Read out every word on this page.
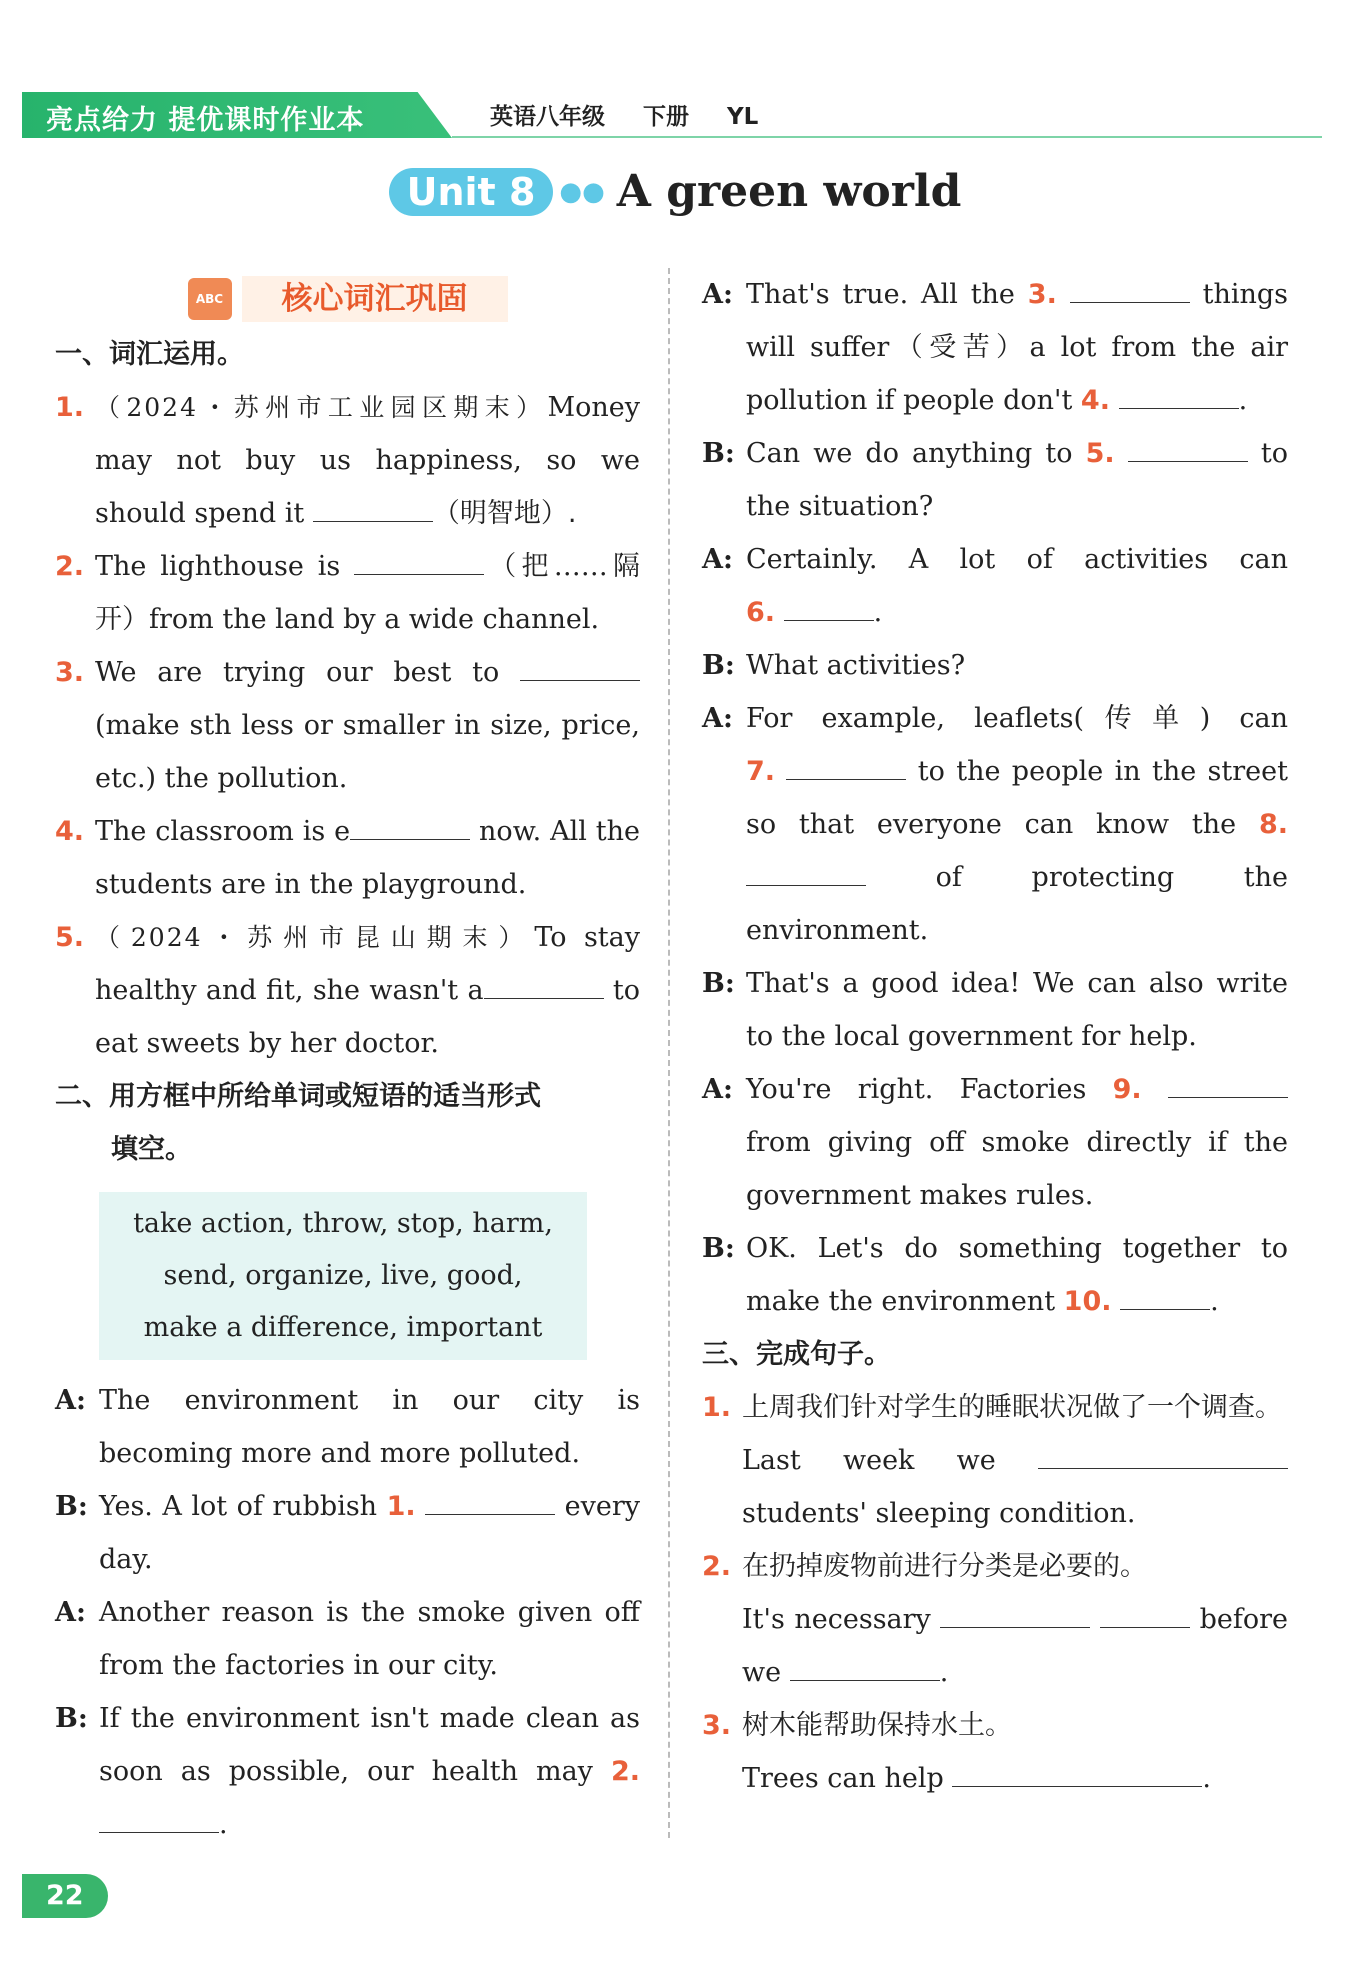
亮点给力 提优课时作业本	英语八年级 下册 YL
Unit 8 ●● A green world
ABC	核心词汇巩固
一、词汇运用。
1. （2024・苏州市工业园区期末）Money may not buy us happiness, so we should spend it	（明智地）.
2. The lighthouse is	（把……隔开）from the land by a wide channel.
3. We are trying our best to (make sth less or smaller in size, price, etc.) the pollution.
4. The classroom is e	now. All the students are in the playground.
5. （2024・苏州市昆山期末）To stay healthy and fit, she wasn't a	to eat sweets by her doctor.
二、用方框中所给单词或短语的适当形式
填空。
take action, throw, stop, harm,
send, organize, live, good,
make a difference, important
A: The environment in our city is becoming more and more polluted.
B: Yes. A lot of rubbish 1.	every day.
A: Another reason is the smoke given off from the factories in our city.
B: If the environment isn't made clean as soon as possible, our health may 2. .
A: That's true. All the 3.	things will suffer（受苦）a lot from the air pollution if people don't 4.	.
B: Can we do anything to 5.	to the situation?
A: Certainly. A lot of activities can
6.	.
B: What activities?
A: For example, leaflets(传单) can
7.	to the people in the street so that everyone can know the 8.  of protecting the environment.
B: That's a good idea! We can also write to the local government for help.
A: You're right. Factories 9.  from giving off smoke directly if the government makes rules.
B: OK. Let's do something together to make the environment 10.	.
三、完成句子。
1. 上周我们针对学生的睡眠状况做了一个调查。
Last week we  students' sleeping condition.
2. 在扔掉废物前进行分类是必要的。
It's necessary	before we	.
3. 树木能帮助保持水土。
Trees can help	.
22
